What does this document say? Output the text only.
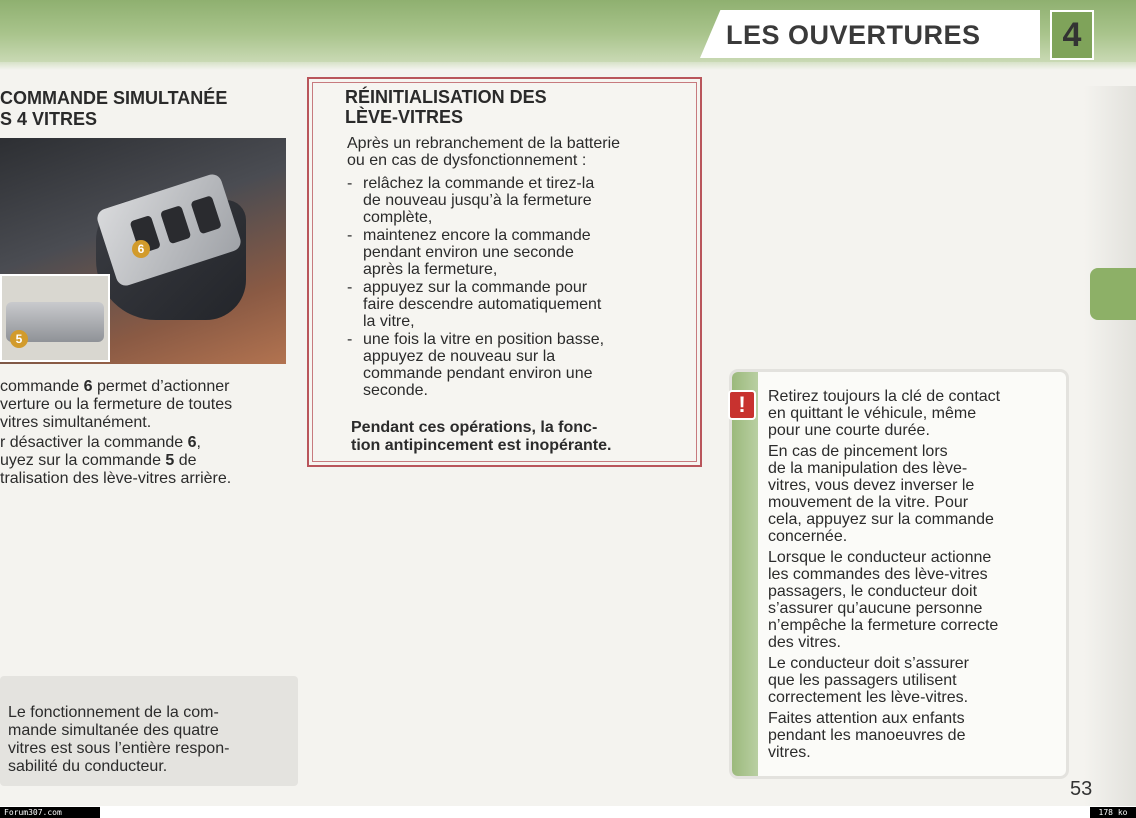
LES OUVERTURES 4
COMMANDE SIMULTANÉE
S 4 VITRES
6
5

commande 6 permet d’actionner
verture ou la fermeture de toutes
vitres simultanément.

r désactiver la commande 6,
uyez sur la commande 5 de
tralisation des lève-vitres arrière.

Le fonctionnement de la com-
mande simultanée des quatre
vitres est sous l’entière respon-
sabilité du conducteur.
RÉINITIALISATION DES
LÈVE-VITRES
Après un rebranchement de la batterie
ou en cas de dysfonctionnement :
- relâchez la commande et tirez-la
de nouveau jusqu’à la fermeture
complète,
- maintenez encore la commande
pendant environ une seconde
après la fermeture,
- appuyez sur la commande pour
faire descendre automatiquement
la vitre,
- une fois la vitre en position basse,
appuyez de nouveau sur la
commande pendant environ une
seconde.
Pendant ces opérations, la fonc-
tion antipincement est inopérante.
!	Retirez toujours la clé de contact
en quittant le véhicule, même
pour une courte durée.

En cas de pincement lors
de la manipulation des lève-
vitres, vous devez inverser le
mouvement de la vitre. Pour
cela, appuyez sur la commande
concernée.

Lorsque le conducteur actionne
les commandes des lève-vitres
passagers, le conducteur doit
s’assurer qu’aucune personne
n’empêche la fermeture correcte
des vitres.

Le conducteur doit s’assurer
que les passagers utilisent
correctement les lève-vitres.

Faites attention aux enfants
pendant les manoeuvres de
vitres.

53
Forum307.com	178 ko
